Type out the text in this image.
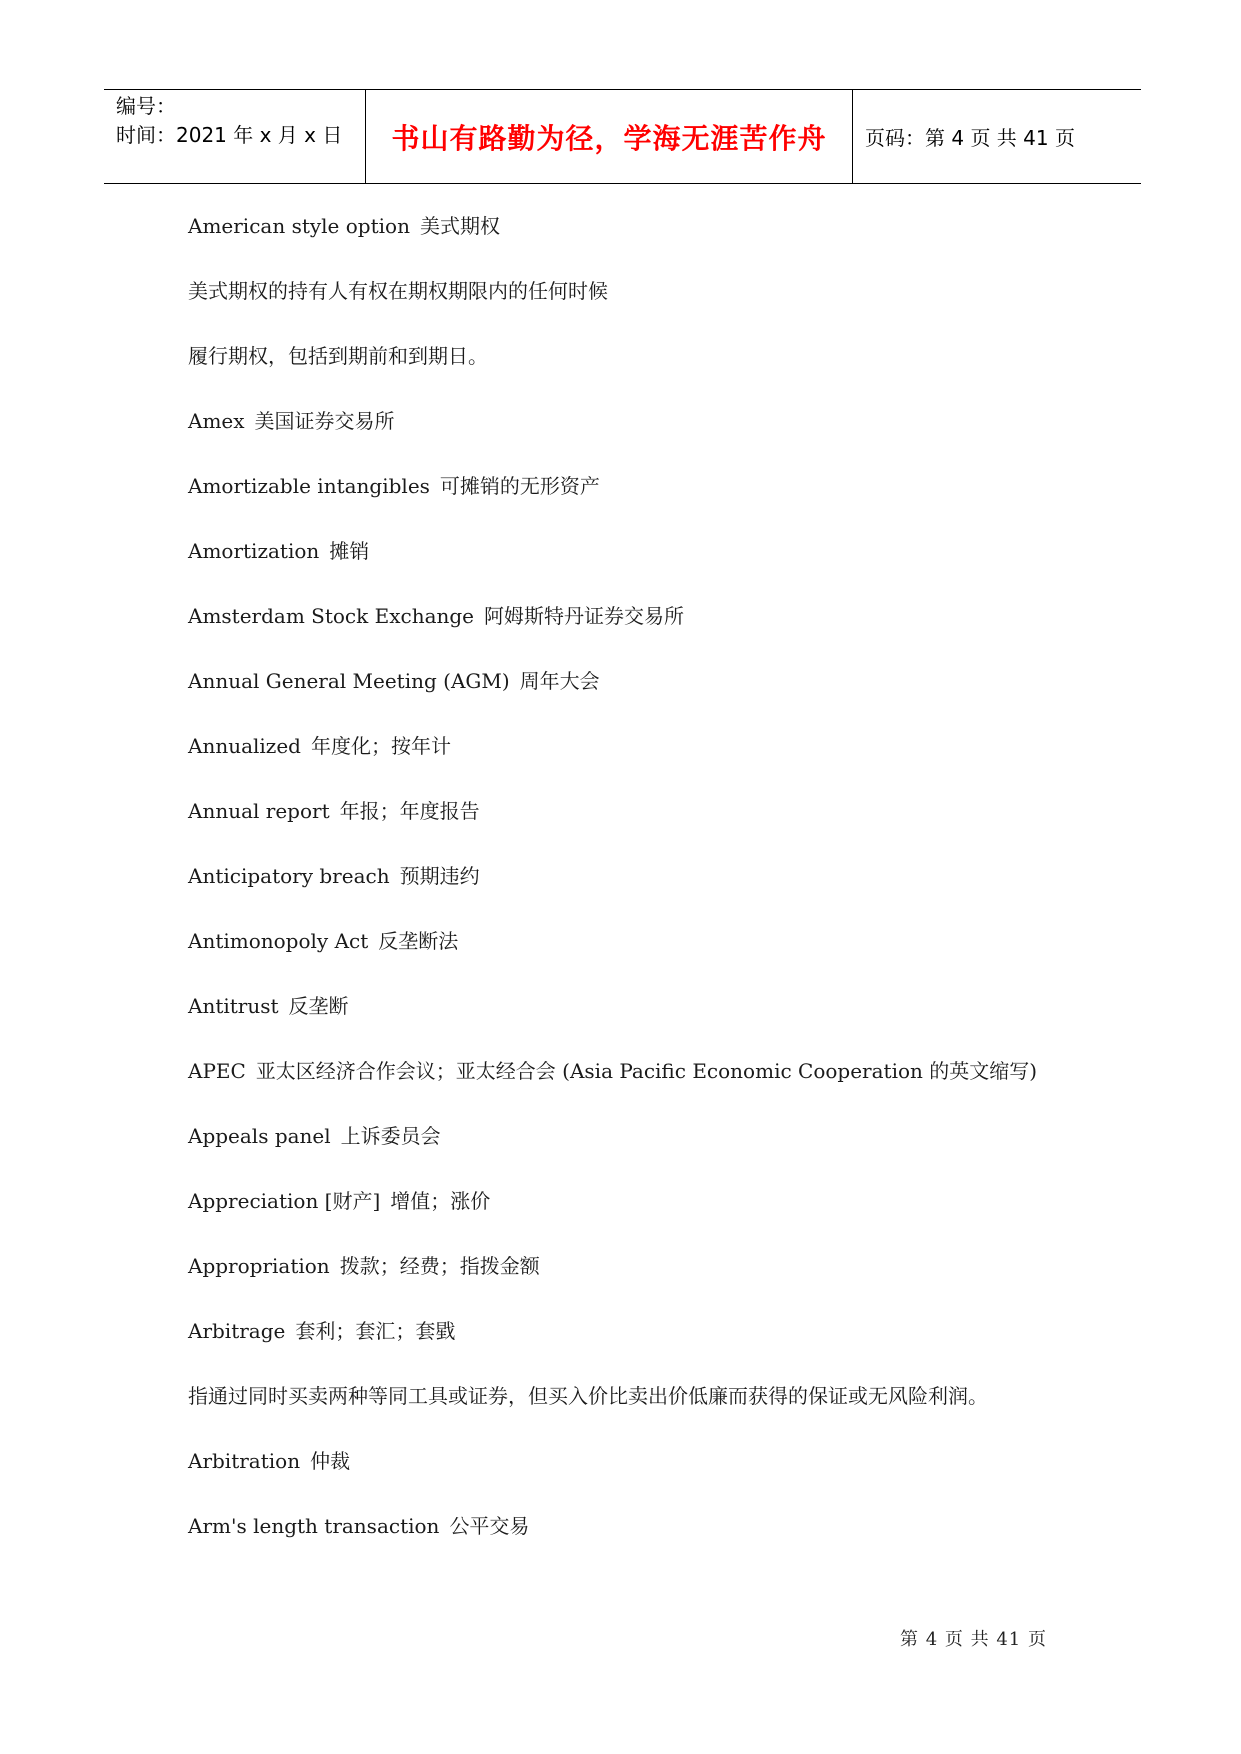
编号：
时间：2021 年 x 月 x 日	书山有路勤为径，学海无涯苦作舟 页码：第 4 页 共 41 页
American style option 美式期权
美式期权的持有人有权在期权期限内的任何时候
履行期权，包括到期前和到期日。
Amex 美国证券交易所
Amortizable intangibles 可摊销的无形资产
Amortization 摊销
Amsterdam Stock Exchange 阿姆斯特丹证券交易所
Annual General Meeting (AGM) 周年大会
Annualized 年度化；按年计
Annual report 年报；年度报告
Anticipatory breach 预期违约
Antimonopoly Act 反垄断法
Antitrust 反垄断
APEC 亚太区经济合作会议；亚太经合会 (Asia Pacific Economic Cooperation 的英文缩写)
Appeals panel 上诉委员会
Appreciation [财产] 增值；涨价
Appropriation 拨款；经费；指拨金额
Arbitrage 套利；套汇；套戥
指通过同时买卖两种等同工具或证券，但买入价比卖出价低廉而获得的保证或无风险利润。
Arbitration 仲裁
Arm's length transaction 公平交易
第 4 页 共 41 页
